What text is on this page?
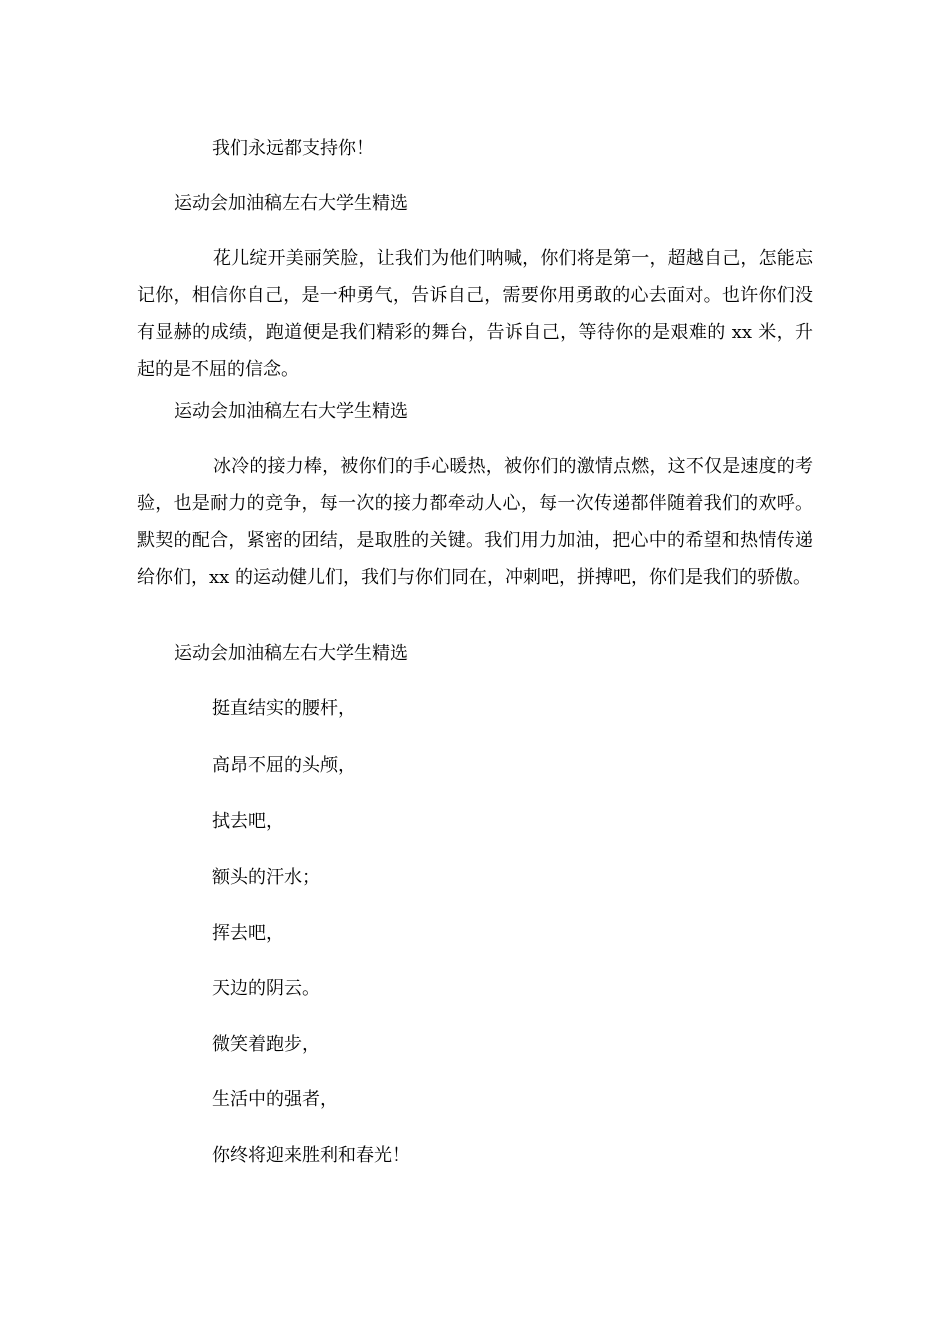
我们永远都支持你！

运动会加油稿左右大学生精选

花儿绽开美丽笑脸，让我们为他们呐喊，你们将是第一，超越自己，怎能忘记你，相信你自己，是一种勇气，告诉自己，需要你用勇敢的心去面对。也许你们没有显赫的成绩，跑道便是我们精彩的舞台，告诉自己，等待你的是艰难的 xx 米，升起的是不屈的信念。

运动会加油稿左右大学生精选

冰冷的接力棒，被你们的手心暖热，被你们的激情点燃，这不仅是速度的考验，也是耐力的竞争，每一次的接力都牵动人心，每一次传递都伴随着我们的欢呼。默契的配合，紧密的团结，是取胜的关键。我们用力加油，把心中的希望和热情传递给你们，xx 的运动健儿们，我们与你们同在，冲刺吧，拼搏吧，你们是我们的骄傲。

运动会加油稿左右大学生精选

挺直结实的腰杆，

高昂不屈的头颅，

拭去吧，

额头的汗水；

挥去吧，

天边的阴云。

微笑着跑步，

生活中的强者，

你终将迎来胜利和春光！
